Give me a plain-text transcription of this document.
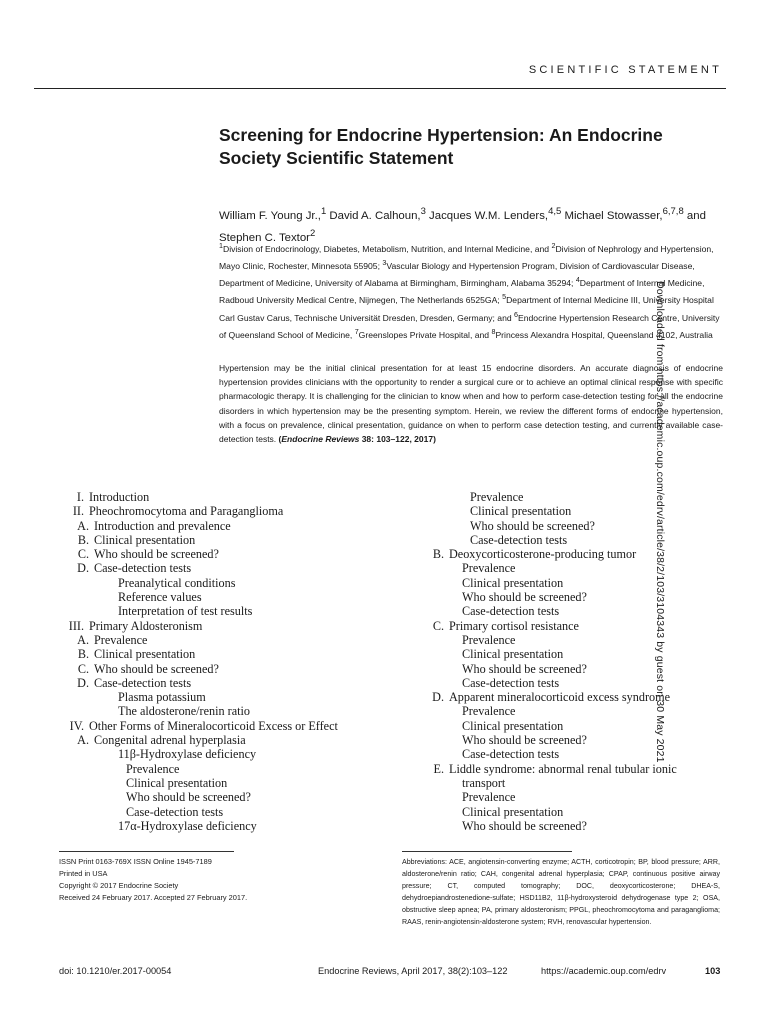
SCIENTIFIC STATEMENT
Screening for Endocrine Hypertension: An Endocrine Society Scientific Statement
William F. Young Jr.,$^1$ David A. Calhoun,$^3$ Jacques W.M. Lenders,$^{4,5}$ Michael Stowasser,$^{6,7,8}$ and Stephen C. Textor$^2$
$^1$Division of Endocrinology, Diabetes, Metabolism, Nutrition, and Internal Medicine, and $^2$Division of Nephrology and Hypertension, Mayo Clinic, Rochester, Minnesota 55905; $^3$Vascular Biology and Hypertension Program, Division of Cardiovascular Disease, Department of Medicine, University of Alabama at Birmingham, Birmingham, Alabama 35294; $^4$Department of Internal Medicine, Radboud University Medical Centre, Nijmegen, The Netherlands 6525GA; $^5$Department of Internal Medicine III, University Hospital Carl Gustav Carus, Technische Universität Dresden, Dresden, Germany; and $^6$Endocrine Hypertension Research Centre, University of Queensland School of Medicine, $^7$Greenslopes Private Hospital, and $^8$Princess Alexandra Hospital, Queensland 4102, Australia
Hypertension may be the initial clinical presentation for at least 15 endocrine disorders. An accurate diagnosis of endocrine hypertension provides clinicians with the opportunity to render a surgical cure or to achieve an optimal clinical response with specific pharmacologic therapy. It is challenging for the clinician to know when and how to perform case-detection testing for all the endocrine disorders in which hypertension may be the presenting symptom. Herein, we review the different forms of endocrine hypertension, with a focus on prevalence, clinical presentation, guidance on when to perform case detection testing, and currently available case-detection tests. (Endocrine Reviews 38: 103–122, 2017)	Downloaded from https://academic.oup.com/edrv/article/38/2/103/3104343 by guest on 30 May 2021
I. Introduction
II. Pheochromocytoma and Paraganglioma
A. Introduction and prevalence
B. Clinical presentation
C. Who should be screened?
D. Case-detection tests
Preanalytical conditions
Reference values
Interpretation of test results
III. Primary Aldosteronism
A. Prevalence
B. Clinical presentation
C. Who should be screened?
D. Case-detection tests
Plasma potassium
The aldosterone/renin ratio
IV. Other Forms of Mineralocorticoid Excess or Effect
A. Congenital adrenal hyperplasia
11β-Hydroxylase deficiency
Prevalence
Clinical presentation
Who should be screened?
Case-detection tests
17α-Hydroxylase deficiency
Prevalence
Clinical presentation
Who should be screened?
Case-detection tests
B. Deoxycorticosterone-producing tumor
Prevalence
Clinical presentation
Who should be screened?
Case-detection tests
C. Primary cortisol resistance
Prevalence
Clinical presentation
Who should be screened?
Case-detection tests
D. Apparent mineralocorticoid excess syndrome
Prevalence
Clinical presentation
Who should be screened?
Case-detection tests
E. Liddle syndrome: abnormal renal tubular ionic
transport
Prevalence
Clinical presentation
Who should be screened?
ISSN Print 0163-769X ISSN Online 1945-7189
Printed in USA
Copyright © 2017 Endocrine Society
Received 24 February 2017. Accepted 27 February 2017.
Abbreviations: ACE, angiotensin-converting enzyme; ACTH, corticotropin; BP, blood pressure; ARR, aldosterone/renin ratio; CAH, congenital adrenal hyperplasia; CPAP, continuous positive airway pressure; CT, computed tomography; DOC, deoxycorticosterone; DHEA-S, dehydroepiandrostenedione-sulfate; HSD11B2, 11β-hydroxysteroid dehydrogenase type 2; OSA, obstructive sleep apnea; PA, primary aldosteronism; PPGL, pheochromocytoma and paraganglioma; RAAS, renin-angiotensin-aldosterone system; RVH, renovascular hypertension.
doi: 10.1210/er.2017-00054	Endocrine Reviews, April 2017, 38(2):103–122	https://academic.oup.com/edrv	103
